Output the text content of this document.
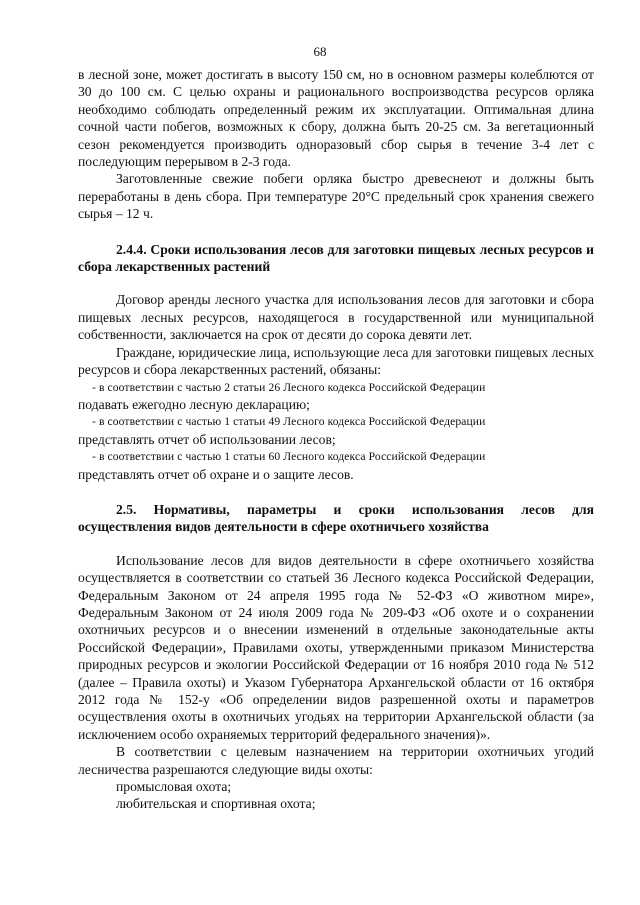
68

в лесной зоне, может достигать в высоту 150 см, но в основном размеры колеблются от 30 до 100 см. С целью охраны и рационального воспроизводства ресурсов орляка необходимо соблюдать определенный режим их эксплуатации. Оптимальная длина сочной части побегов, возможных к сбору, должна быть 20-25 см. За вегетационный сезон рекомендуется производить одноразовый сбор сырья в течение 3-4 лет с последующим перерывом в 2-3 года.

Заготовленные свежие побеги орляка быстро древеснеют и должны быть переработаны в день сбора. При температуре 20°С предельный срок хранения свежего сырья – 12 ч.

2.4.4. Сроки использования лесов для заготовки пищевых лесных ресурсов и сбора лекарственных растений

Договор аренды лесного участка для использования лесов для заготовки и сбора пищевых лесных ресурсов, находящегося в государственной или муниципальной собственности, заключается на срок от десяти до сорока девяти лет.

Граждане, юридические лица, использующие леса для заготовки пищевых лесных ресурсов и сбора лекарственных растений, обязаны:

- в соответствии с частью 2 статьи 26 Лесного кодекса Российской Федерации

подавать ежегодно лесную декларацию;

- в соответствии с частью 1 статьи 49 Лесного кодекса Российской Федерации

представлять отчет об использовании лесов;

- в соответствии с частью 1 статьи 60 Лесного кодекса Российской Федерации

представлять отчет об охране и о защите лесов.

2.5. Нормативы, параметры и сроки использования лесов для осуществления видов деятельности в сфере охотничьего хозяйства

Использование лесов для видов деятельности в сфере охотничьего хозяйства осуществляется в соответствии со статьей 36 Лесного кодекса Российской Федерации, Федеральным Законом от 24 апреля 1995 года № 52-ФЗ «О животном мире», Федеральным Законом от 24 июля 2009 года № 209-ФЗ «Об охоте и о сохранении охотничьих ресурсов и о внесении изменений в отдельные законодательные акты Российской Федерации», Правилами охоты, утвержденными приказом Министерства природных ресурсов и экологии Российской Федерации от 16 ноября 2010 года № 512 (далее – Правила охоты) и Указом Губернатора Архангельской области от 16 октября 2012 года № 152-у «Об определении видов разрешенной охоты и параметров осуществления охоты в охотничьих угодьях на территории Архангельской области (за исключением особо охраняемых территорий федерального значения)».

В соответствии с целевым назначением на территории охотничьих угодий лесничества разрешаются следующие виды охоты:

промысловая охота;

любительская и спортивная охота;
